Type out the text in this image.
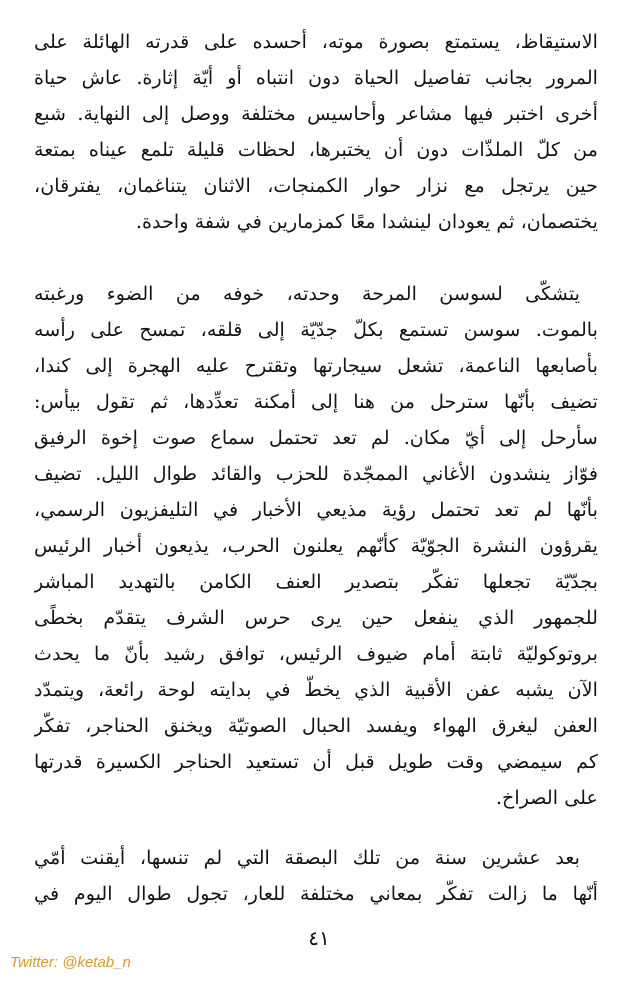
الاستيقاظ، يستمتع بصورة موته، أحسده على قدرته الهائلة على
المرور بجانب تفاصيل الحياة دون انتباه أو أيّة إثارة. عاش حياة
أخرى اختبر فيها مشاعر وأحاسيس مختلفة ووصل إلى النهاية. شبع
من كلّ الملذّات دون أن يختبرها، لحظات قليلة تلمع عيناه بمتعة
حين يرتجل مع نزار حوار الكمنجات، الاثنان يتناغمان، يفترقان،
يختصمان، ثم يعودان لينشدا معًا كمزمارين في شفة واحدة.
يتشكّى لسوسن المرحة وحدته، خوفه من الضوء ورغبته
بالموت. سوسن تستمع بكلّ جدّيّة إلى قلقه، تمسح على رأسه
بأصابعها الناعمة، تشعل سيجارتها وتقترح عليه الهجرة إلى كندا،
تضيف بأنّها سترحل من هنا إلى أمكنة تعدِّدها، ثم تقول بيأس:
سأرحل إلى أيّ مكان. لم تعد تحتمل سماع صوت إخوة الرفيق
فوّاز ينشدون الأغاني الممجّدة للحزب والقائد طوال الليل. تضيف
بأنّها لم تعد تحتمل رؤية مذيعي الأخبار في التليفزيون الرسمي،
يقرؤون النشرة الجوّيّة كأنّهم يعلنون الحرب، يذيعون أخبار الرئيس
بجدّيّة تجعلها تفكّر بتصدير العنف الكامن بالتهديد المباشر
للجمهور الذي ينفعل حين يرى حرس الشرف يتقدّم بخطًى
بروتوكوليّة ثابتة أمام ضيوف الرئيس، توافق رشيد بأنّ ما يحدث
الآن يشبه عفن الأقبية الذي يخطّ في بدايته لوحة رائعة، ويتمدّد
العفن ليغرق الهواء ويفسد الحبال الصوتيّة ويخنق الحناجر، تفكّر
كم سيمضي وقت طويل قبل أن تستعيد الحناجر الكسيرة قدرتها
على الصراخ.
بعد عشرين سنة من تلك البصقة التي لم تنسها، أيقنت أمّي
أنّها ما زالت تفكّر بمعاني مختلفة للعار، تجول طوال اليوم في
٤١
Twitter: @ketab_n
